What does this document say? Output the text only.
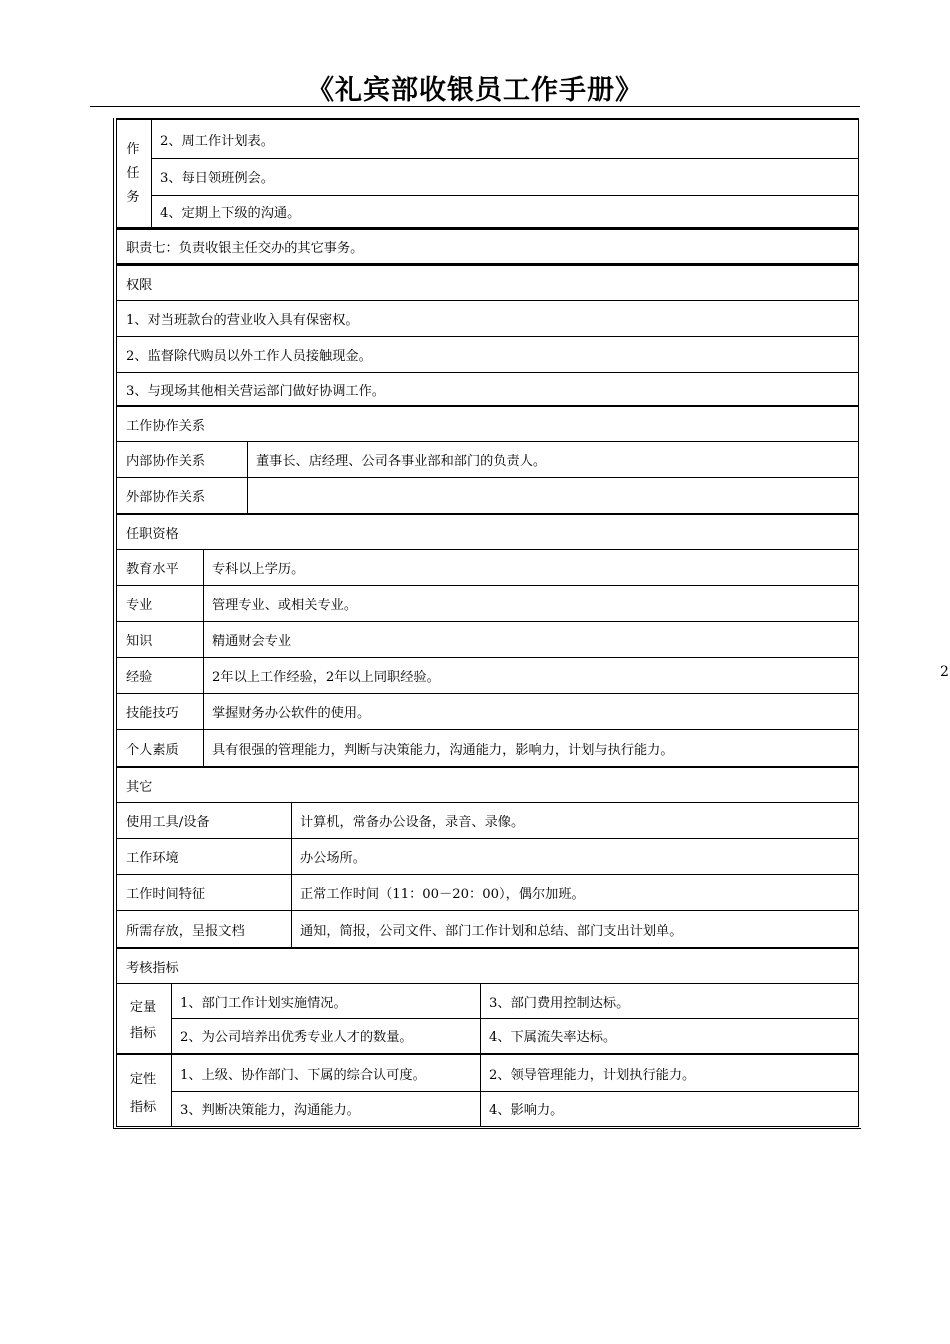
《礼宾部收银员工作手册》
2
作
任
务
2、周工作计划表。
3、每日领班例会。
4、定期上下级的沟通。
职责七：负责收银主任交办的其它事务。
权限
1、对当班款台的营业收入具有保密权。
2、监督除代购员以外工作人员接触现金。
3、与现场其他相关营运部门做好协调工作。
工作协作关系
内部协作关系	董事长、店经理、公司各事业部和部门的负责人。
外部协作关系
任职资格
教育水平	专科以上学历。
专业	管理专业、或相关专业。
知识	精通财会专业
经验	2年以上工作经验，2年以上同职经验。
技能技巧	掌握财务办公软件的使用。
个人素质	具有很强的管理能力，判断与决策能力，沟通能力，影响力，计划与执行能力。
其它
使用工具/设备	计算机，常备办公设备，录音、录像。
工作环境	办公场所。
工作时间特征	正常工作时间（11：00－20：00），偶尔加班。
所需存放，呈报文档	通知，简报，公司文件、部门工作计划和总结、部门支出计划单。
考核指标
定量
指标
1、部门工作计划实施情况。	3、部门费用控制达标。
2、为公司培养出优秀专业人才的数量。	4、下属流失率达标。
定性
指标
1、上级、协作部门、下属的综合认可度。	2、领导管理能力，计划执行能力。
3、判断决策能力，沟通能力。	4、影响力。
